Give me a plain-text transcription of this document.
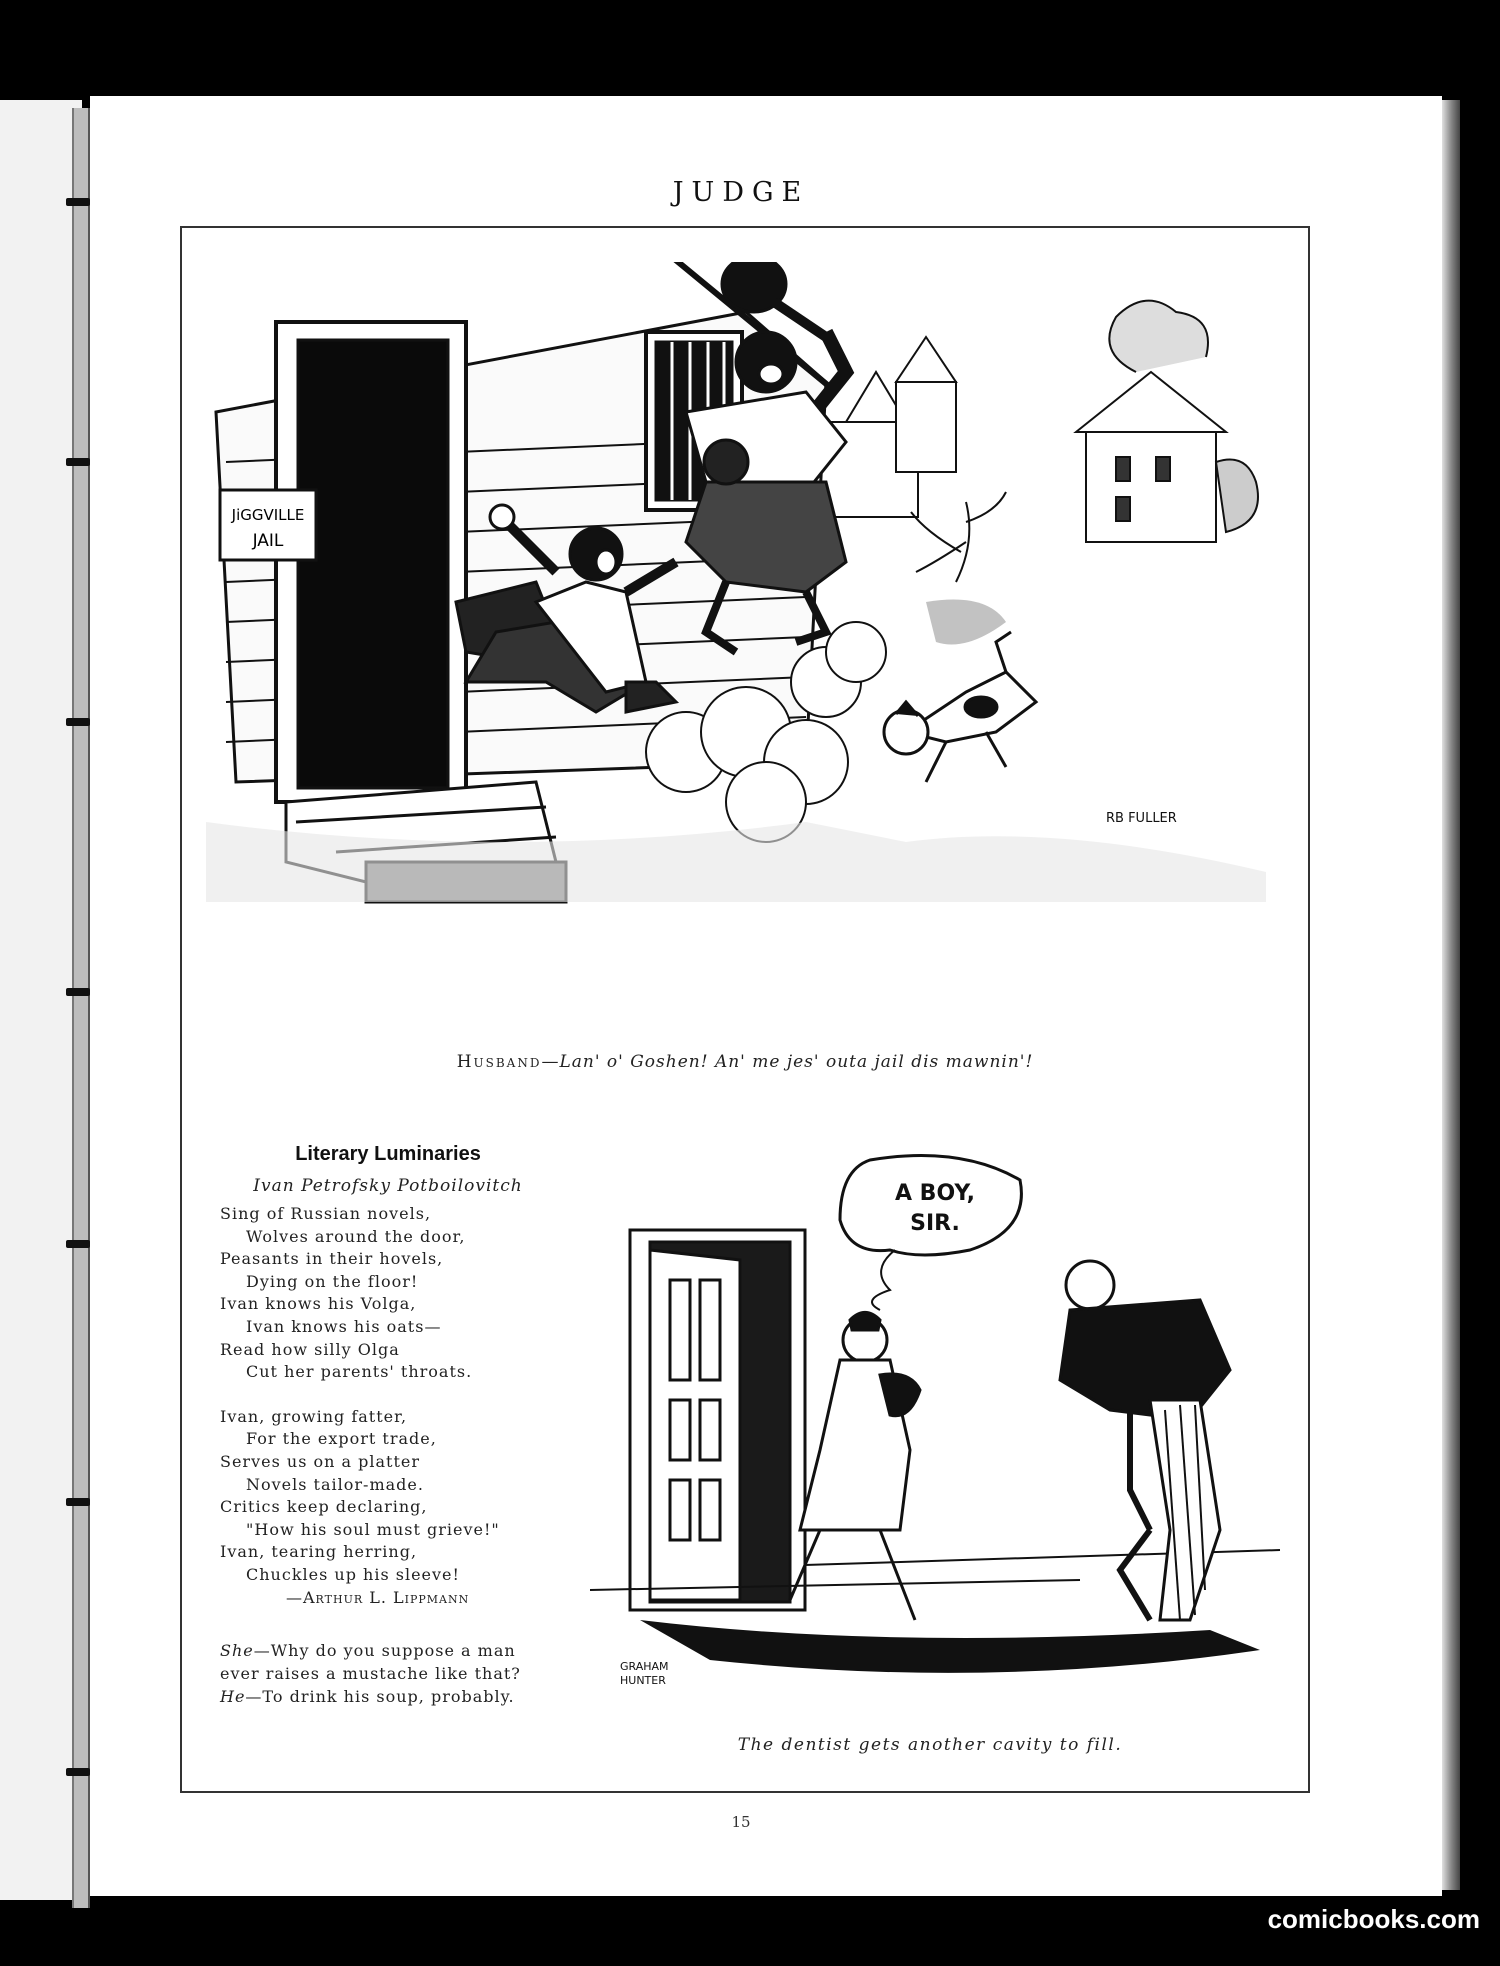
JUDGE
JiGGVILLE
JAIL
RB FULLER
Husband—Lan' o' Goshen! An' me jes' outa jail dis mawnin'!
Literary Luminaries
Ivan Petrofsky Potboilovitch
Sing of Russian novels,
Wolves around the door,
Peasants in their hovels,
Dying on the floor!
Ivan knows his Volga,
Ivan knows his oats—
Read how silly Olga
Cut her parents' throats.
Ivan, growing fatter,
For the export trade,
Serves us on a platter
Novels tailor-made.
Critics keep declaring,
"How his soul must grieve!"
Ivan, tearing herring,
Chuckles up his sleeve!
—Arthur L. Lippmann
She—Why do you suppose a man ever raises a mustache like that?
He—To drink his soup, probably.
A BOY,
SIR.
GRAHAM
HUNTER
The dentist gets another cavity to fill.
15
comicbooks.com
